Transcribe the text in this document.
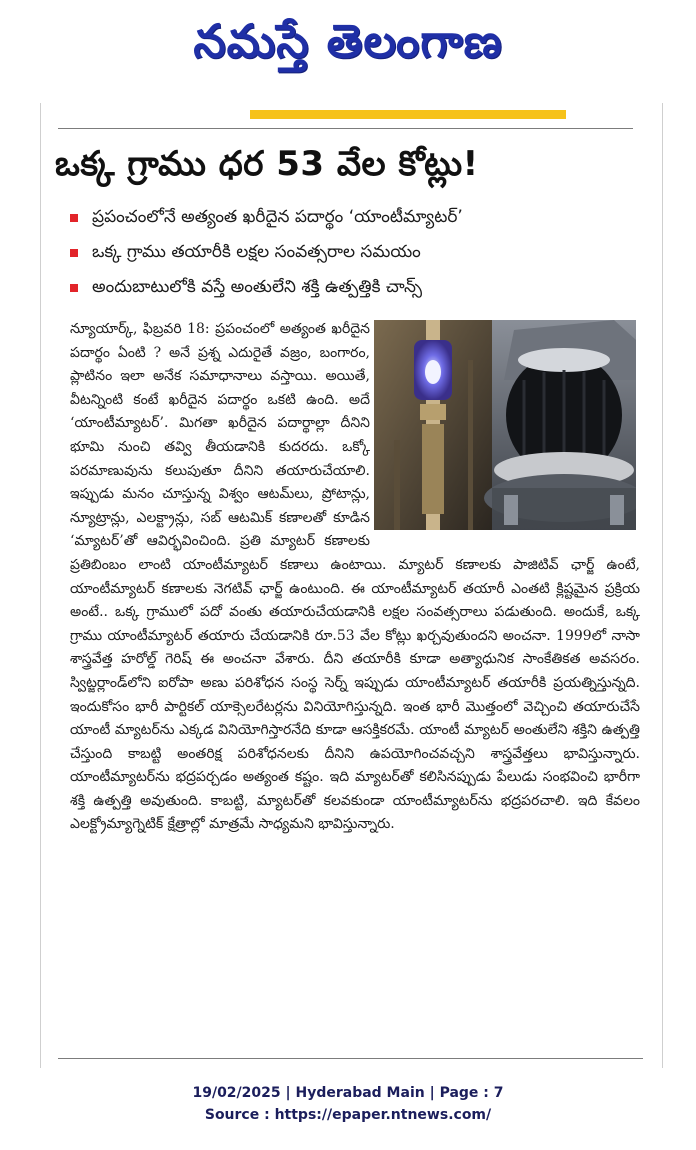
నమస్తే తెలంగాణ
ఒక్క గ్రాము ధర 53 వేల కోట్లు!
ప్రపంచంలోనే అత్యంత ఖరీదైన పదార్థం ‘యాంటీమ్యాటర్’
ఒక్క గ్రాము తయారీకి లక్షల సంవత్సరాల సమయం
అందుబాటులోకి వస్తే అంతులేని శక్తి ఉత్పత్తికి చాన్స్

న్యూయార్క్‌, ఫిబ్రవరి 18: ప్రపంచంలో అత్యంత ఖరీదైన పదార్థం ఏంటి ? అనే ప్రశ్న ఎదురైతే వజ్రం, బంగారం, ప్లాటినం ఇలా అనేక సమాధానాలు వస్తాయి. అయితే, వీటన్నింటి కంటే ఖరీదైన పదార్థం ఒకటి ఉంది. అదే ‘యాంటీమ్యాటర్‌’. మిగతా ఖరీదైన పదార్థాల్లా దీనిని భూమి నుంచి తవ్వి తీయడానికి కుదరదు. ఒక్కో పరమాణువును కలుపుతూ దీనిని తయారుచేయాలి. ఇప్పుడు మనం చూస్తున్న విశ్వం ఆటమ్‌లు, ప్రోటాన్లు, న్యూట్రాన్లు, ఎలక్ట్రాన్లు, సబ్‌ ఆటమిక్‌ కణాలతో కూడిన ‘మ్యాటర్‌’తో ఆవిర్భవించింది. ప్రతి మ్యాటర్‌ కణాలకు ప్రతిబింబం లాంటి యాంటీమ్యాటర్‌ కణాలు ఉంటాయి. మ్యాటర్‌ కణాలకు పాజిటివ్‌ ఛార్జ్‌ ఉంటే, యాంటీమ్యాటర్‌ కణాలకు నెగటివ్‌ ఛార్జ్‌ ఉంటుంది. ఈ యాంటీమ్యాటర్‌ తయారీ ఎంతటి క్లిష్టమైన ప్రక్రియ అంటే.. ఒక్క గ్రాములో పదో వంతు తయారుచేయడానికి లక్షల సంవత్సరాలు పడుతుంది. అందుకే, ఒక్క గ్రాము యాంటీమ్యాటర్‌ తయారు చేయడానికి రూ.53 వేల కోట్లు ఖర్చవుతుందని అంచనా. 1999లో నాసా శాస్త్రవేత్త హరోల్డ్‌ గెరిష్‌ ఈ అంచనా వేశారు. దీని తయారీకి కూడా అత్యాధునిక సాంకేతికత అవసరం. స్విట్జర్లాండ్‌లోని ఐరోపా అణు పరిశోధన సంస్థ సెర్న్‌ ఇప్పుడు యాంటీమ్యాటర్‌ తయారీకి ప్రయత్నిస్తున్నది. ఇందుకోసం భారీ పార్టికల్‌ యాక్సెలరేటర్లను వినియోగిస్తున్నది. ఇంత భారీ మొత్తంలో వెచ్చించి తయారుచేసే యాంటీ మ్యాటర్‌ను ఎక్కడ వినియోగిస్తారనేది కూడా ఆసక్తికరమే. యాంటీ మ్యాటర్‌ అంతులేని శక్తిని ఉత్పత్తి చేస్తుంది కాబట్టి అంతరిక్ష పరిశోధనలకు దీనిని ఉపయోగించవచ్చని శాస్త్రవేత్తలు భావిస్తున్నారు. యాంటీమ్యాటర్‌ను భద్రపర్చడం అత్యంత కష్టం. ఇది మ్యాటర్‌తో కలిసినప్పుడు పేలుడు సంభవించి భారీగా శక్తి ఉత్పత్తి అవుతుంది. కాబట్టి, మ్యాటర్‌తో కలవకుండా యాంటీమ్యాటర్‌ను భద్రపరచాలి. ఇది కేవలం ఎలక్ట్రోమ్యాగ్నెటిక్‌ క్షేత్రాల్లో మాత్రమే సాధ్యమని భావిస్తున్నారు.

19/02/2025 | Hyderabad Main | Page : 7
Source : https://epaper.ntnews.com/
